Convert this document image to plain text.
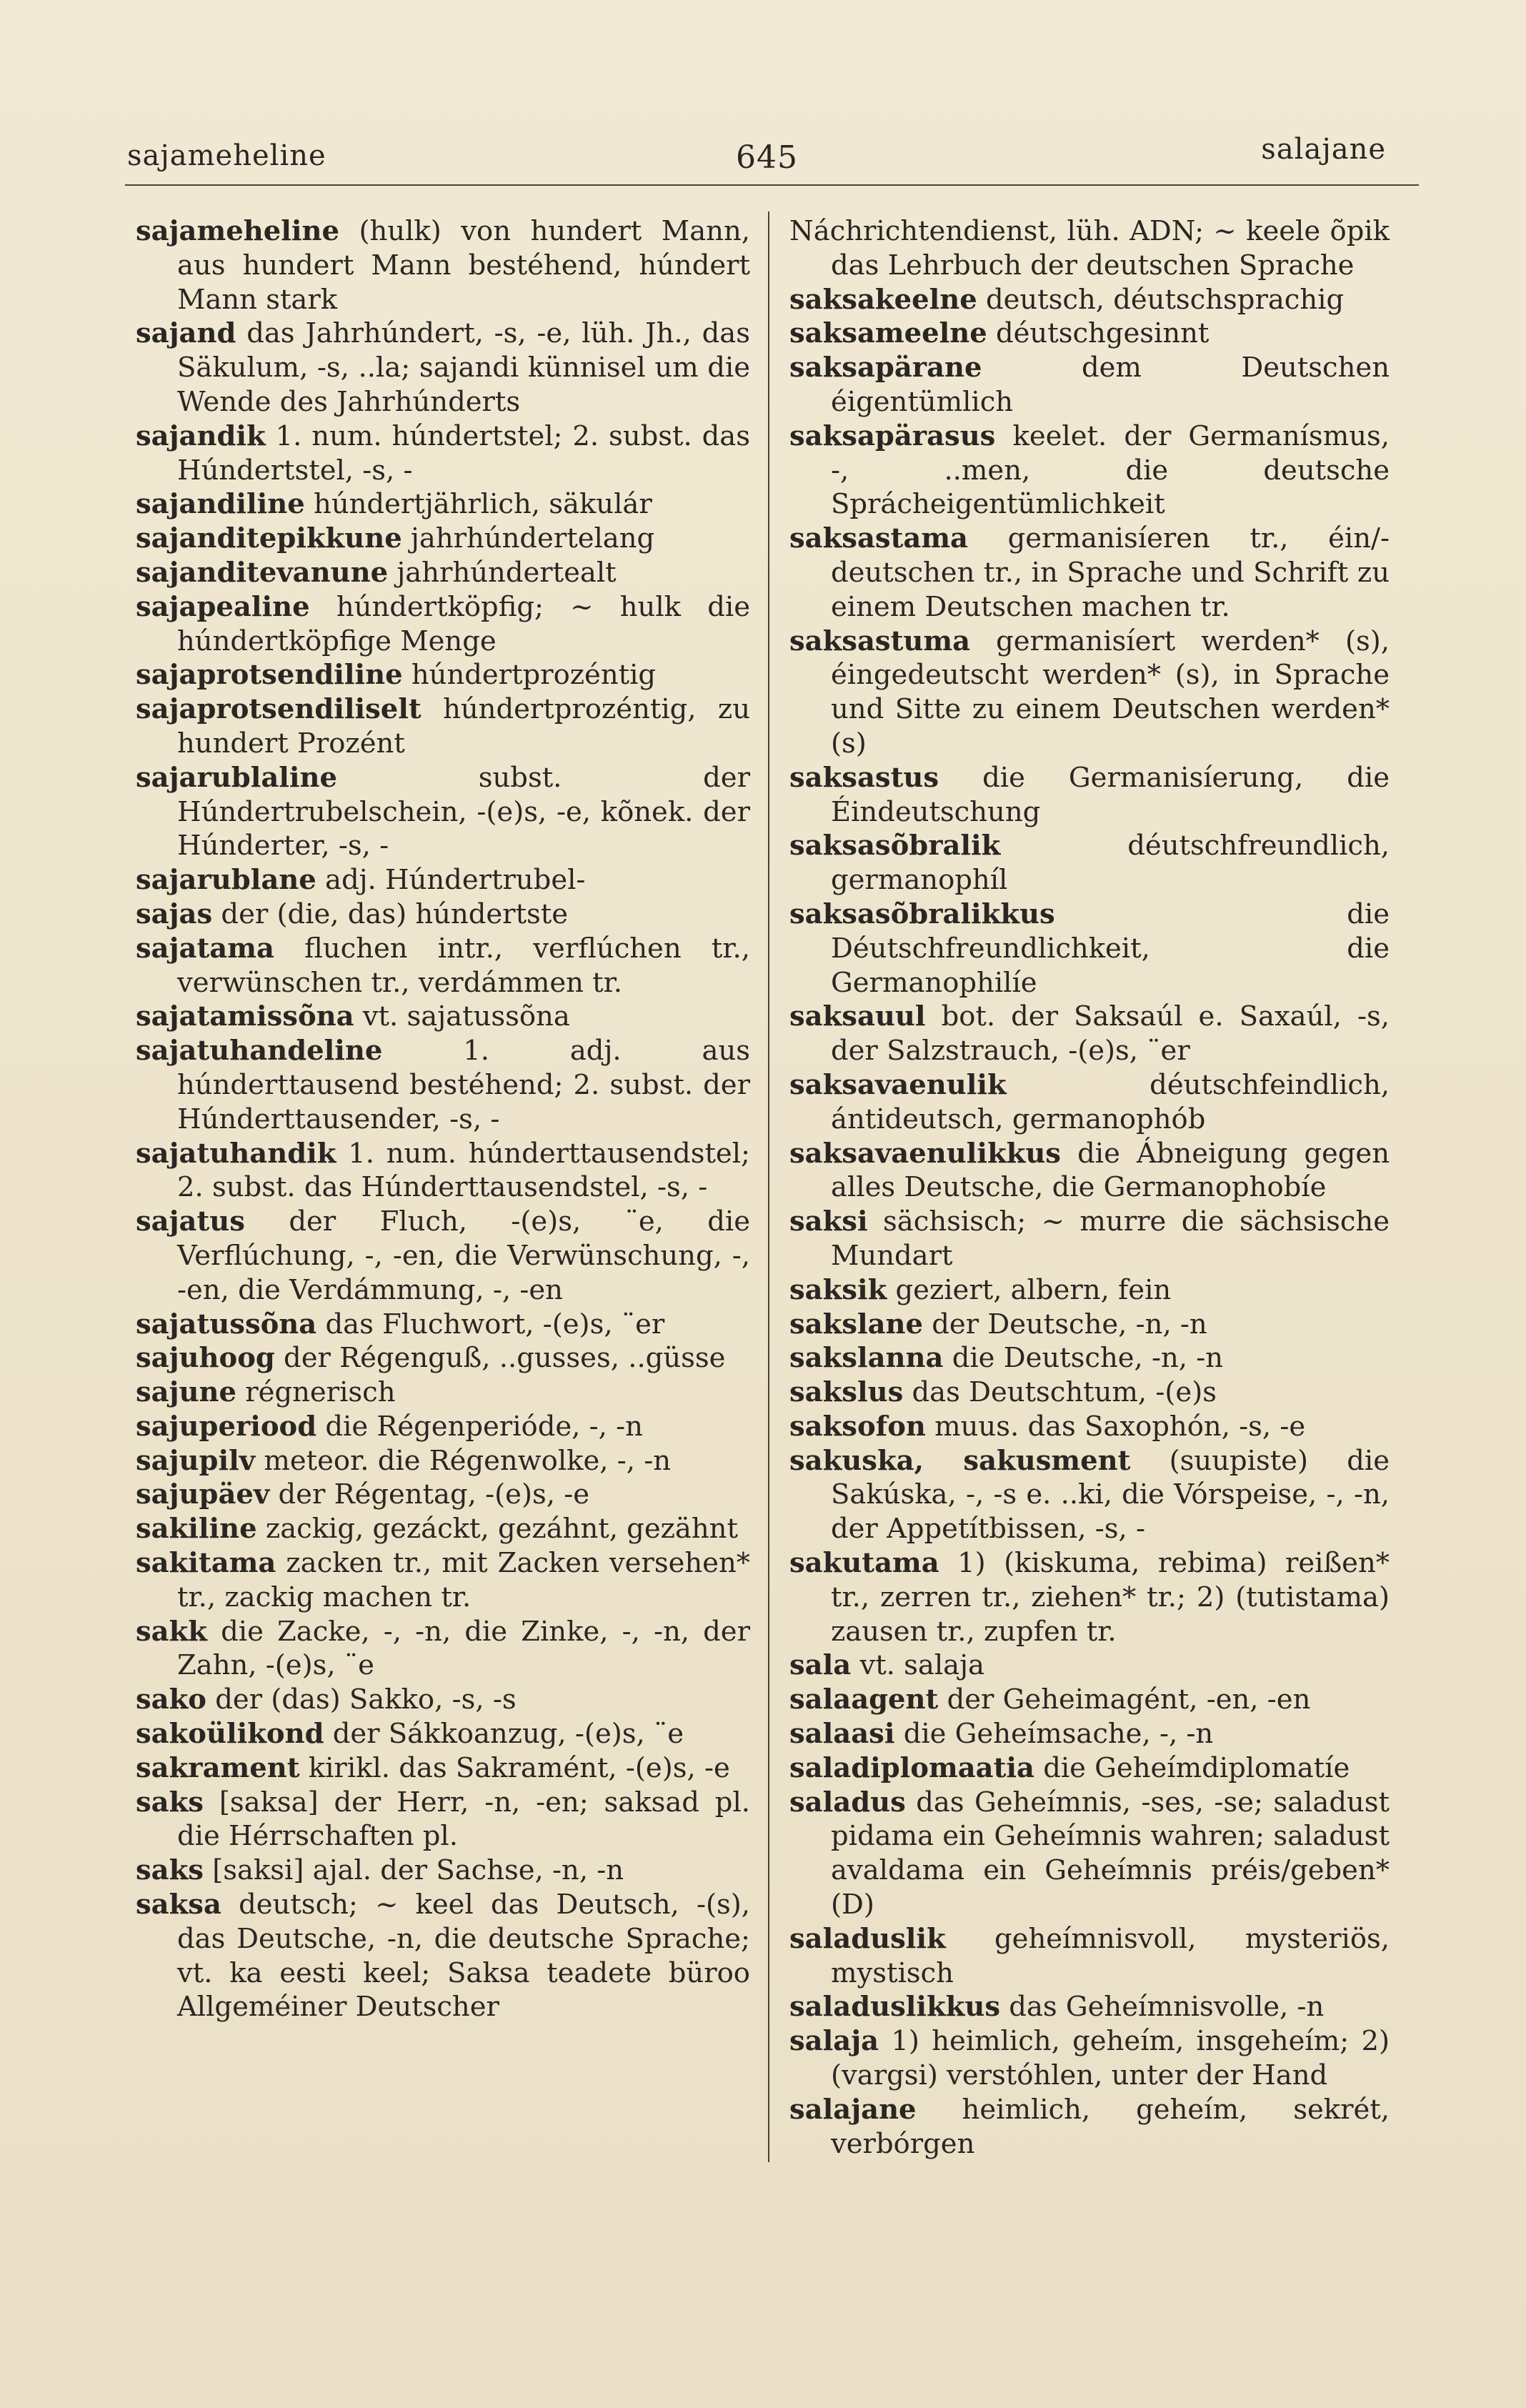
sajameheline	645	salajane

sajameheline (hulk) von hundert Mann, aus hundert Mann bestéhend, húndert Mann stark

sajand das Jahrhúndert, -s, -e, lüh. Jh., das Säkulum, -s, ..la; sajandi künnisel um die Wende des Jahrhúnderts

sajandik 1. num. húndertstel; 2. subst. das Húndertstel, -s, -

sajandiline húndertjährlich, säkulár

sajanditepikkune jahrhúndertelang

sajanditevanune jahrhúndertealt

sajapealine húndertköpfig; ~ hulk die húndertköpfige Menge

sajaprotsendiline húndertprozéntig

sajaprotsendiliselt húndertprozéntig, zu hundert Prozént

sajarublaline subst. der Húndertrubelschein, -(e)s, -e, kõnek. der Húnderter, -s, -

sajarublane adj. Húndertrubel-

sajas der (die, das) húndertste

sajatama fluchen intr., verflúchen tr., verwünschen tr., verdámmen tr.

sajatamissõna vt. sajatussõna

sajatuhandeline 1. adj. aus húnderttausend bestéhend; 2. subst. der Húnderttausender, -s, -

sajatuhandik 1. num. húnderttausendstel; 2. subst. das Húnderttausendstel, -s, -

sajatus der Fluch, -(e)s, ¨e, die Verflúchung, -, -en, die Verwünschung, -, -en, die Verdámmung, -, -en

sajatussõna das Fluchwort, -(e)s, ¨er

sajuhoog der Régenguß, ..gusses, ..güsse

sajune régnerisch

sajuperiood die Régenperióde, -, -n

sajupilv meteor. die Régenwolke, -, -n

sajupäev der Régentag, -(e)s, -e

sakiline zackig, gezáckt, gezáhnt, gezähnt

sakitama zacken tr., mit Zacken versehen* tr., zackig machen tr.

sakk die Zacke, -, -n, die Zinke, -, -n, der Zahn, -(e)s, ¨e

sako der (das) Sakko, -s, -s

sakoülikond der Sákkoanzug, -(e)s, ¨e

sakrament kirikl. das Sakramént, -(e)s, -e

saks [saksa] der Herr, -n, -en; saksad pl. die Hérrschaften pl.

saks [saksi] ajal. der Sachse, -n, -n

saksa deutsch; ~ keel das Deutsch, -(s), das Deutsche, -n, die deutsche Sprache; vt. ka eesti keel; Saksa teadete büroo Allgeméiner Deutscher

Náchrichtendienst, lüh. ADN; ~ keele õpik das Lehrbuch der deutschen Sprache

saksakeelne deutsch, déutschsprachig

saksameelne déutschgesinnt

saksapärane dem Deutschen éigentümlich

saksapärasus keelet. der Germanísmus, -, ..men, die deutsche Sprácheigentümlichkeit

saksastama germanisíeren tr., éin/-deutschen tr., in Sprache und Schrift zu einem Deutschen machen tr.

saksastuma germanisíert werden* (s), éingedeutscht werden* (s), in Sprache und Sitte zu einem Deutschen werden* (s)

saksastus die Germanisíerung, die Éindeutschung

saksasõbralik déutschfreundlich, germanophíl

saksasõbralikkus die Déutschfreundlichkeit, die Germanophilíe

saksauul bot. der Saksaúl e. Saxaúl, -s, der Salzstrauch, -(e)s, ¨er

saksavaenulik déutschfeindlich, ántideutsch, germanophób

saksavaenulikkus die Ábneigung gegen alles Deutsche, die Germanophobíe

saksi sächsisch; ~ murre die sächsische Mundart

saksik geziert, albern, fein

sakslane der Deutsche, -n, -n

sakslanna die Deutsche, -n, -n

sakslus das Deutschtum, -(e)s

saksofon muus. das Saxophón, -s, -e

sakuska, sakusment (suupiste) die Sakúska, -, -s e. ..ki, die Vórspeise, -, -n, der Appetítbissen, -s, -

sakutama 1) (kiskuma, rebima) reißen* tr., zerren tr., ziehen* tr.; 2) (tutistama) zausen tr., zupfen tr.

sala vt. salaja

salaagent der Geheimagént, -en, -en

salaasi die Geheímsache, -, -n

saladiplomaatia die Geheímdiplomatíe

saladus das Geheímnis, -ses, -se; saladust pidama ein Geheímnis wahren; saladust avaldama ein Geheímnis préis/geben* (D)

saladuslik geheímnisvoll, mysteriös, mystisch

saladuslikkus das Geheímnisvolle, -n

salaja 1) heimlich, geheím, insgeheím; 2) (vargsi) verstóhlen, unter der Hand

salajane heimlich, geheím, sekrét, verbórgen
